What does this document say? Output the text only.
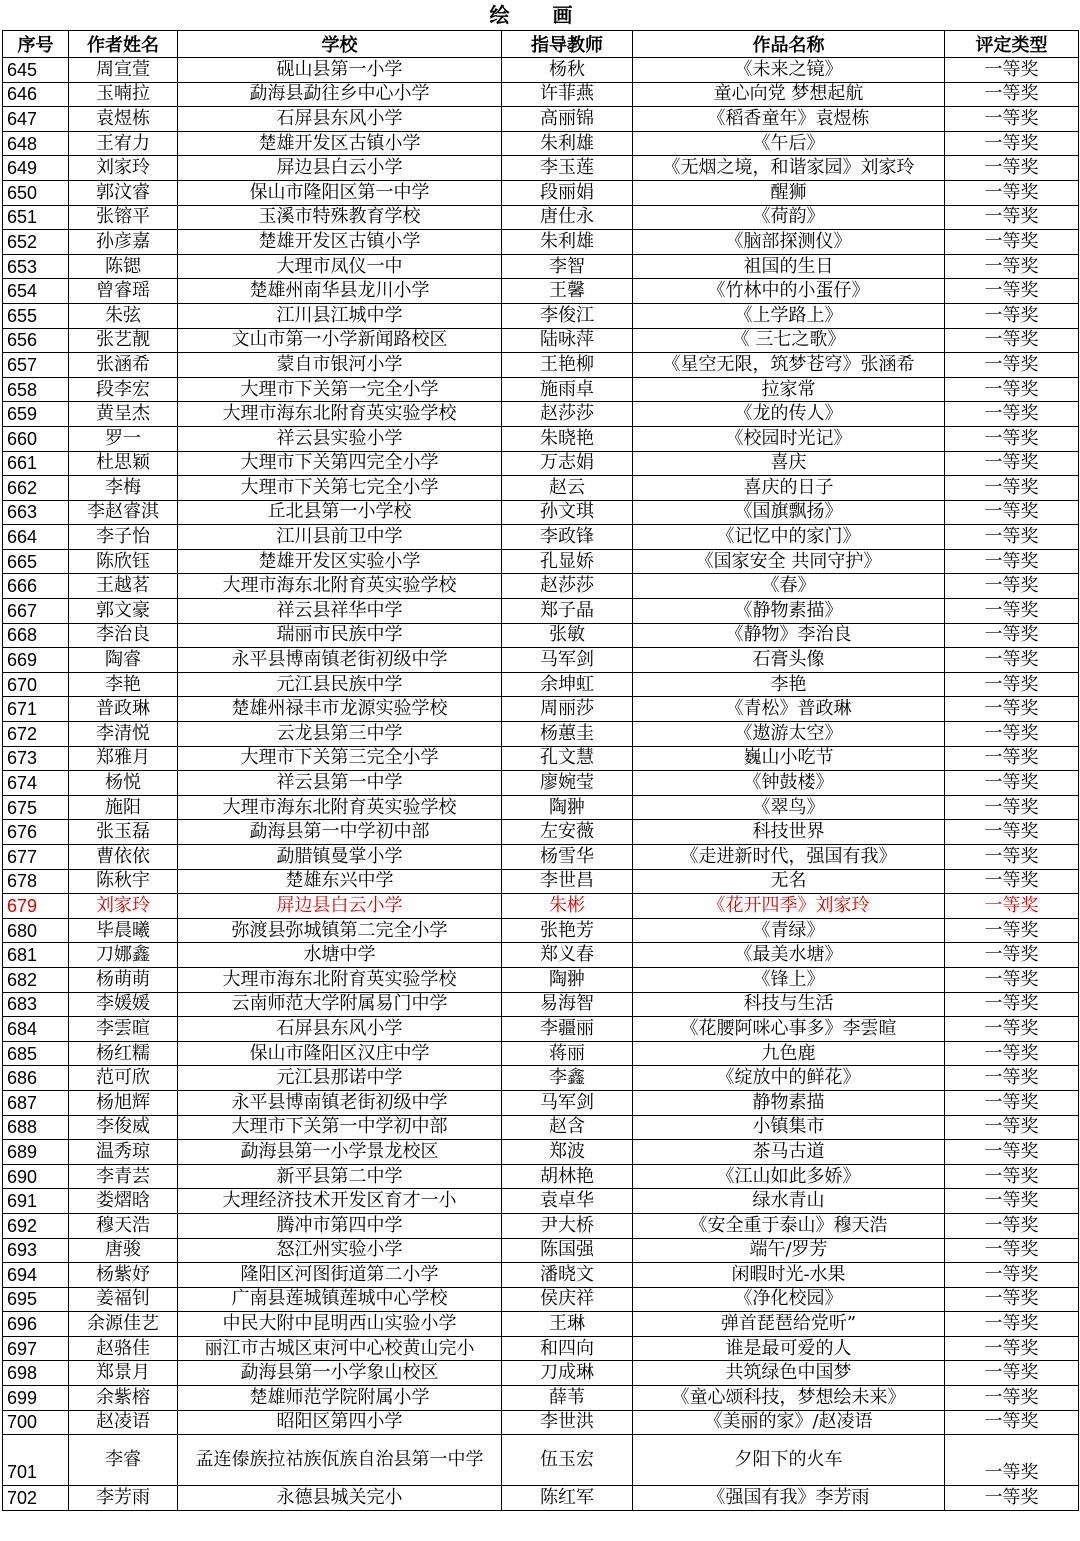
绘 画
序号	作者姓名	学校	指导教师	作品名称	评定类型
645	周宣萱	砚山县第一小学	杨秋	《未来之镜》	一等奖
646	玉喃拉	勐海县勐往乡中心小学	许菲燕	童心向党 梦想起航	一等奖
647	袁煜栋	石屏县东风小学	高丽锦	《稻香童年》袁煜栋	一等奖
648	王宥力	楚雄开发区古镇小学	朱利雄	《午后》	一等奖
649	刘家玲	屏边县白云小学	李玉莲	《无烟之境，和谐家园》刘家玲	一等奖
650	郭汶睿	保山市隆阳区第一中学	段丽娟	醒狮	一等奖
651	张镕平	玉溪市特殊教育学校	唐仕永	《荷韵》	一等奖
652	孙彦嘉	楚雄开发区古镇小学	朱利雄	《脑部探测仪》	一等奖
653	陈锶	大理市凤仪一中	李智	祖国的生日	一等奖
654	曾睿瑶	楚雄州南华县龙川小学	王馨	《竹林中的小蛋仔》	一等奖
655	朱弦	江川县江城中学	李俊江	《上学路上》	一等奖
656	张艺靓	文山市第一小学新闻路校区	陆咏萍	《 三七之歌》	一等奖
657	张涵希	蒙自市银河小学	王艳柳	《星空无限，筑梦苍穹》张涵希	一等奖
658	段李宏	大理市下关第一完全小学	施雨卓	拉家常	一等奖
659	黄呈杰	大理市海东北附育英实验学校	赵莎莎	《龙的传人》	一等奖
660	罗一	祥云县实验小学	朱晓艳	《校园时光记》	一等奖
661	杜思颖	大理市下关第四完全小学	万志娟	喜庆	一等奖
662	李梅	大理市下关第七完全小学	赵云	喜庆的日子	一等奖
663	李赵睿淇	丘北县第一小学校	孙文琪	《国旗飘扬》	一等奖
664	李子怡	江川县前卫中学	李政锋	《记忆中的家门》	一等奖
665	陈欣钰	楚雄开发区实验小学	孔显娇	《国家安全 共同守护》	一等奖
666	王越茗	大理市海东北附育英实验学校	赵莎莎	《春》	一等奖
667	郭文豪	祥云县祥华中学	郑子晶	《静物素描》	一等奖
668	李治良	瑞丽市民族中学	张敏	《静物》李治良	一等奖
669	陶睿	永平县博南镇老街初级中学	马军剑	石膏头像	一等奖
670	李艳	元江县民族中学	余坤虹	李艳	一等奖
671	普政琳	楚雄州禄丰市龙源实验学校	周丽莎	《青松》普政琳	一等奖
672	李清悦	云龙县第三中学	杨蕙圭	《遨游太空》	一等奖
673	郑雅月	大理市下关第三完全小学	孔文慧	巍山小吃节	一等奖
674	杨悦	祥云县第一中学	廖婉莹	《钟鼓楼》	一等奖
675	施阳	大理市海东北附育英实验学校	陶翀	《翠鸟》	一等奖
676	张玉磊	勐海县第一中学初中部	左安薇	科技世界	一等奖
677	曹依依	勐腊镇曼掌小学	杨雪华	《走进新时代，强国有我》	一等奖
678	陈秋宇	楚雄东兴中学	李世昌	无名	一等奖
679	刘家玲	屏边县白云小学	朱彬	《花开四季》刘家玲	一等奖
680	毕晨曦	弥渡县弥城镇第二完全小学	张艳芳	《青绿》	一等奖
681	刀娜鑫	水塘中学	郑义春	《最美水塘》	一等奖
682	杨萌萌	大理市海东北附育英实验学校	陶翀	《锋上》	一等奖
683	李媛媛	云南师范大学附属易门中学	易海智	科技与生活	一等奖
684	李雲暄	石屏县东风小学	李疆丽	《花腰阿咪心事多》李雲暄	一等奖
685	杨红糯	保山市隆阳区汉庄中学	蒋丽	九色鹿	一等奖
686	范可欣	元江县那诺中学	李鑫	《绽放中的鲜花》	一等奖
687	杨旭辉	永平县博南镇老街初级中学	马军剑	静物素描	一等奖
688	李俊威	大理市下关第一中学初中部	赵含	小镇集市	一等奖
689	温秀琼	勐海县第一小学景龙校区	郑波	茶马古道	一等奖
690	李青芸	新平县第二中学	胡林艳	《江山如此多娇》	一等奖
691	娄熠晗	大理经济技术开发区育才一小	袁卓华	绿水青山	一等奖
692	穆天浩	腾冲市第四中学	尹大桥	《安全重于泰山》穆天浩	一等奖
693	唐骏	怒江州实验小学	陈国强	端午/罗芳	一等奖
694	杨紫妤	隆阳区河图街道第二小学	潘晓文	闲暇时光-水果	一等奖
695	姜福钊	广南县莲城镇莲城中心学校	侯庆祥	《净化校园》	一等奖
696	余源佳艺	中民大附中昆明西山实验小学	王琳	弹首琵琶给党听”	一等奖
697	赵骆佳	丽江市古城区束河中心校黄山完小	和四向	谁是最可爱的人	一等奖
698	郑景月	勐海县第一小学象山校区	刀成琳	共筑绿色中国梦	一等奖
699	余紫榕	楚雄师范学院附属小学	薛苇	《童心颂科技，梦想绘未来》	一等奖
700	赵凌语	昭阳区第四小学	李世洪	《美丽的家》/赵凌语	一等奖
701	李睿	孟连傣族拉祜族佤族自治县第一中学	伍玉宏	夕阳下的火车	一等奖
702	李芳雨	永德县城关完小	陈红军	《强国有我》李芳雨	一等奖
